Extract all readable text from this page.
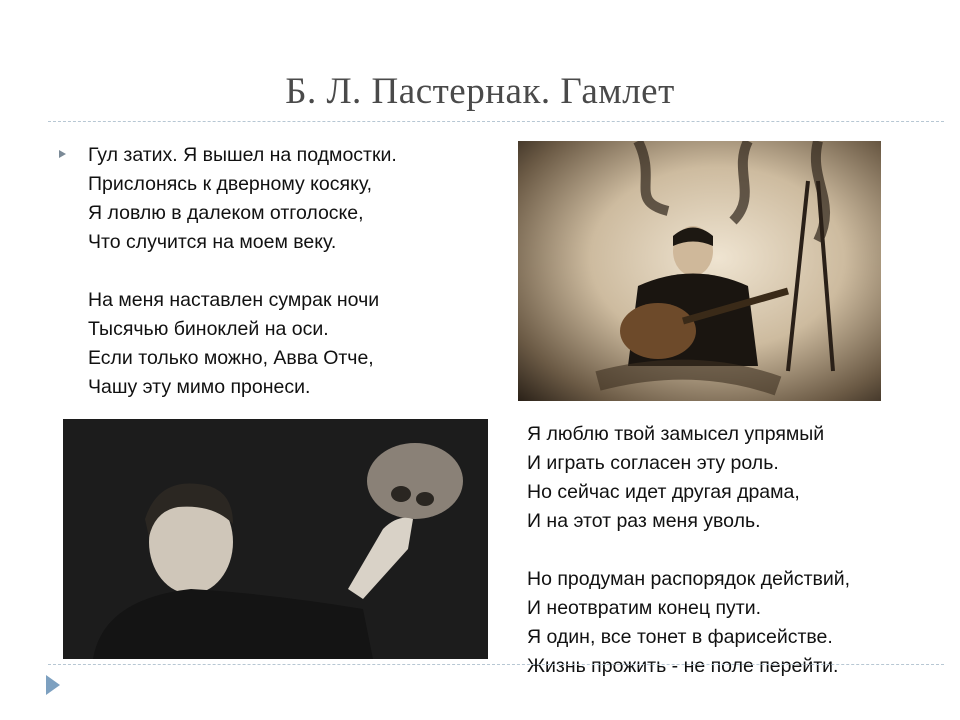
Б. Л. Пастернак. Гамлет

Гул затих. Я вышел на подмостки.
Прислонясь к дверному косяку,
Я ловлю в далеком отголоске,
Что случится на моем веку.

На меня наставлен сумрак ночи
Тысячью биноклей на оси.
Если только можно, Авва Отче,
Чашу эту мимо пронеси.

Я люблю твой замысел упрямый
И играть согласен эту роль.
Но сейчас идет другая драма,
И на этот раз меня уволь.

Но продуман распорядок действий,
И неотвратим конец пути.
Я один, все тонет в фарисействе.
Жизнь прожить - не поле перейти.
